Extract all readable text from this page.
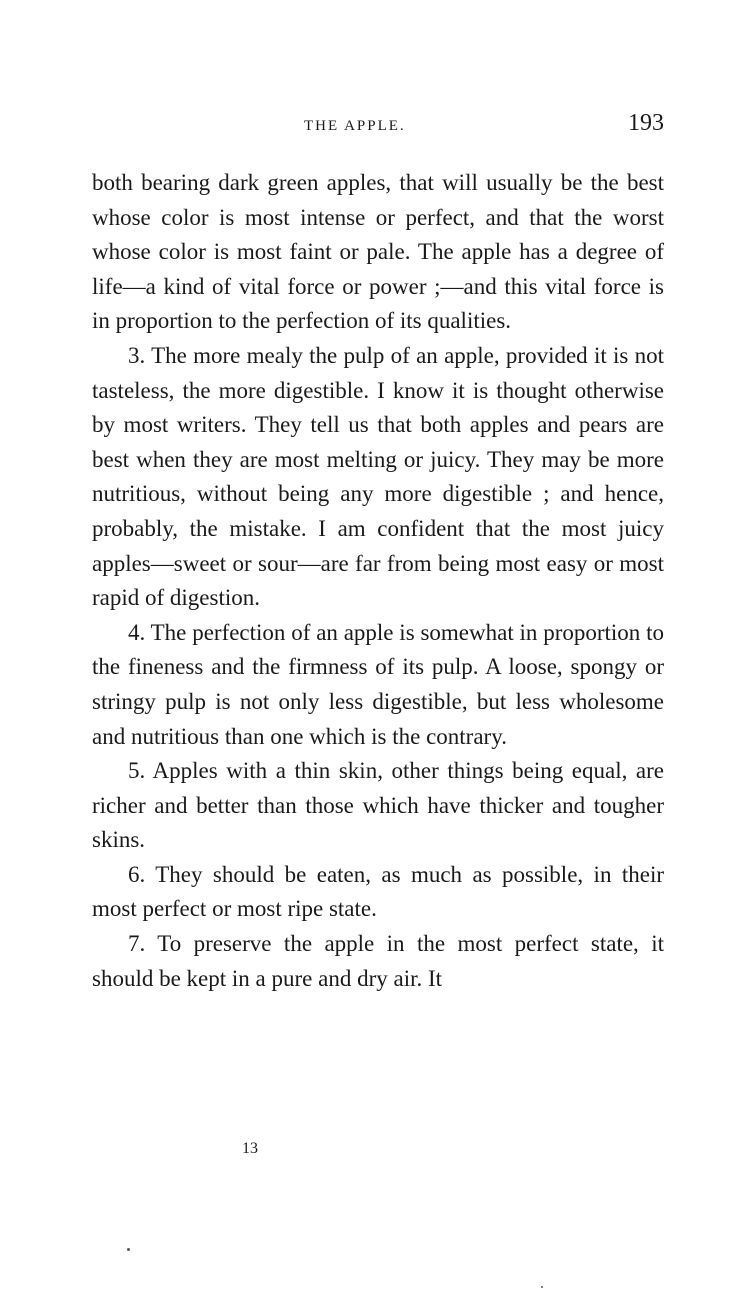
THE APPLE.	193

both bearing dark green apples, that will usually be the best whose color is most intense or perfect, and that the worst whose color is most faint or pale. The apple has a degree of life—a kind of vital force or power ;—and this vital force is in proportion to the perfection of its qualities.

3. The more mealy the pulp of an apple, provided it is not tasteless, the more digestible. I know it is thought otherwise by most writers. They tell us that both apples and pears are best when they are most melting or juicy. They may be more nutritious, without being any more digestible ; and hence, probably, the mistake. I am confident that the most juicy apples—sweet or sour—are far from being most easy or most rapid of digestion.

4. The perfection of an apple is somewhat in proportion to the fineness and the firmness of its pulp. A loose, spongy or stringy pulp is not only less digestible, but less wholesome and nutritious than one which is the contrary.

5. Apples with a thin skin, other things being equal, are richer and better than those which have thicker and tougher skins.

6. They should be eaten, as much as possible, in their most perfect or most ripe state.

7. To preserve the apple in the most perfect state, it should be kept in a pure and dry air. It

13
